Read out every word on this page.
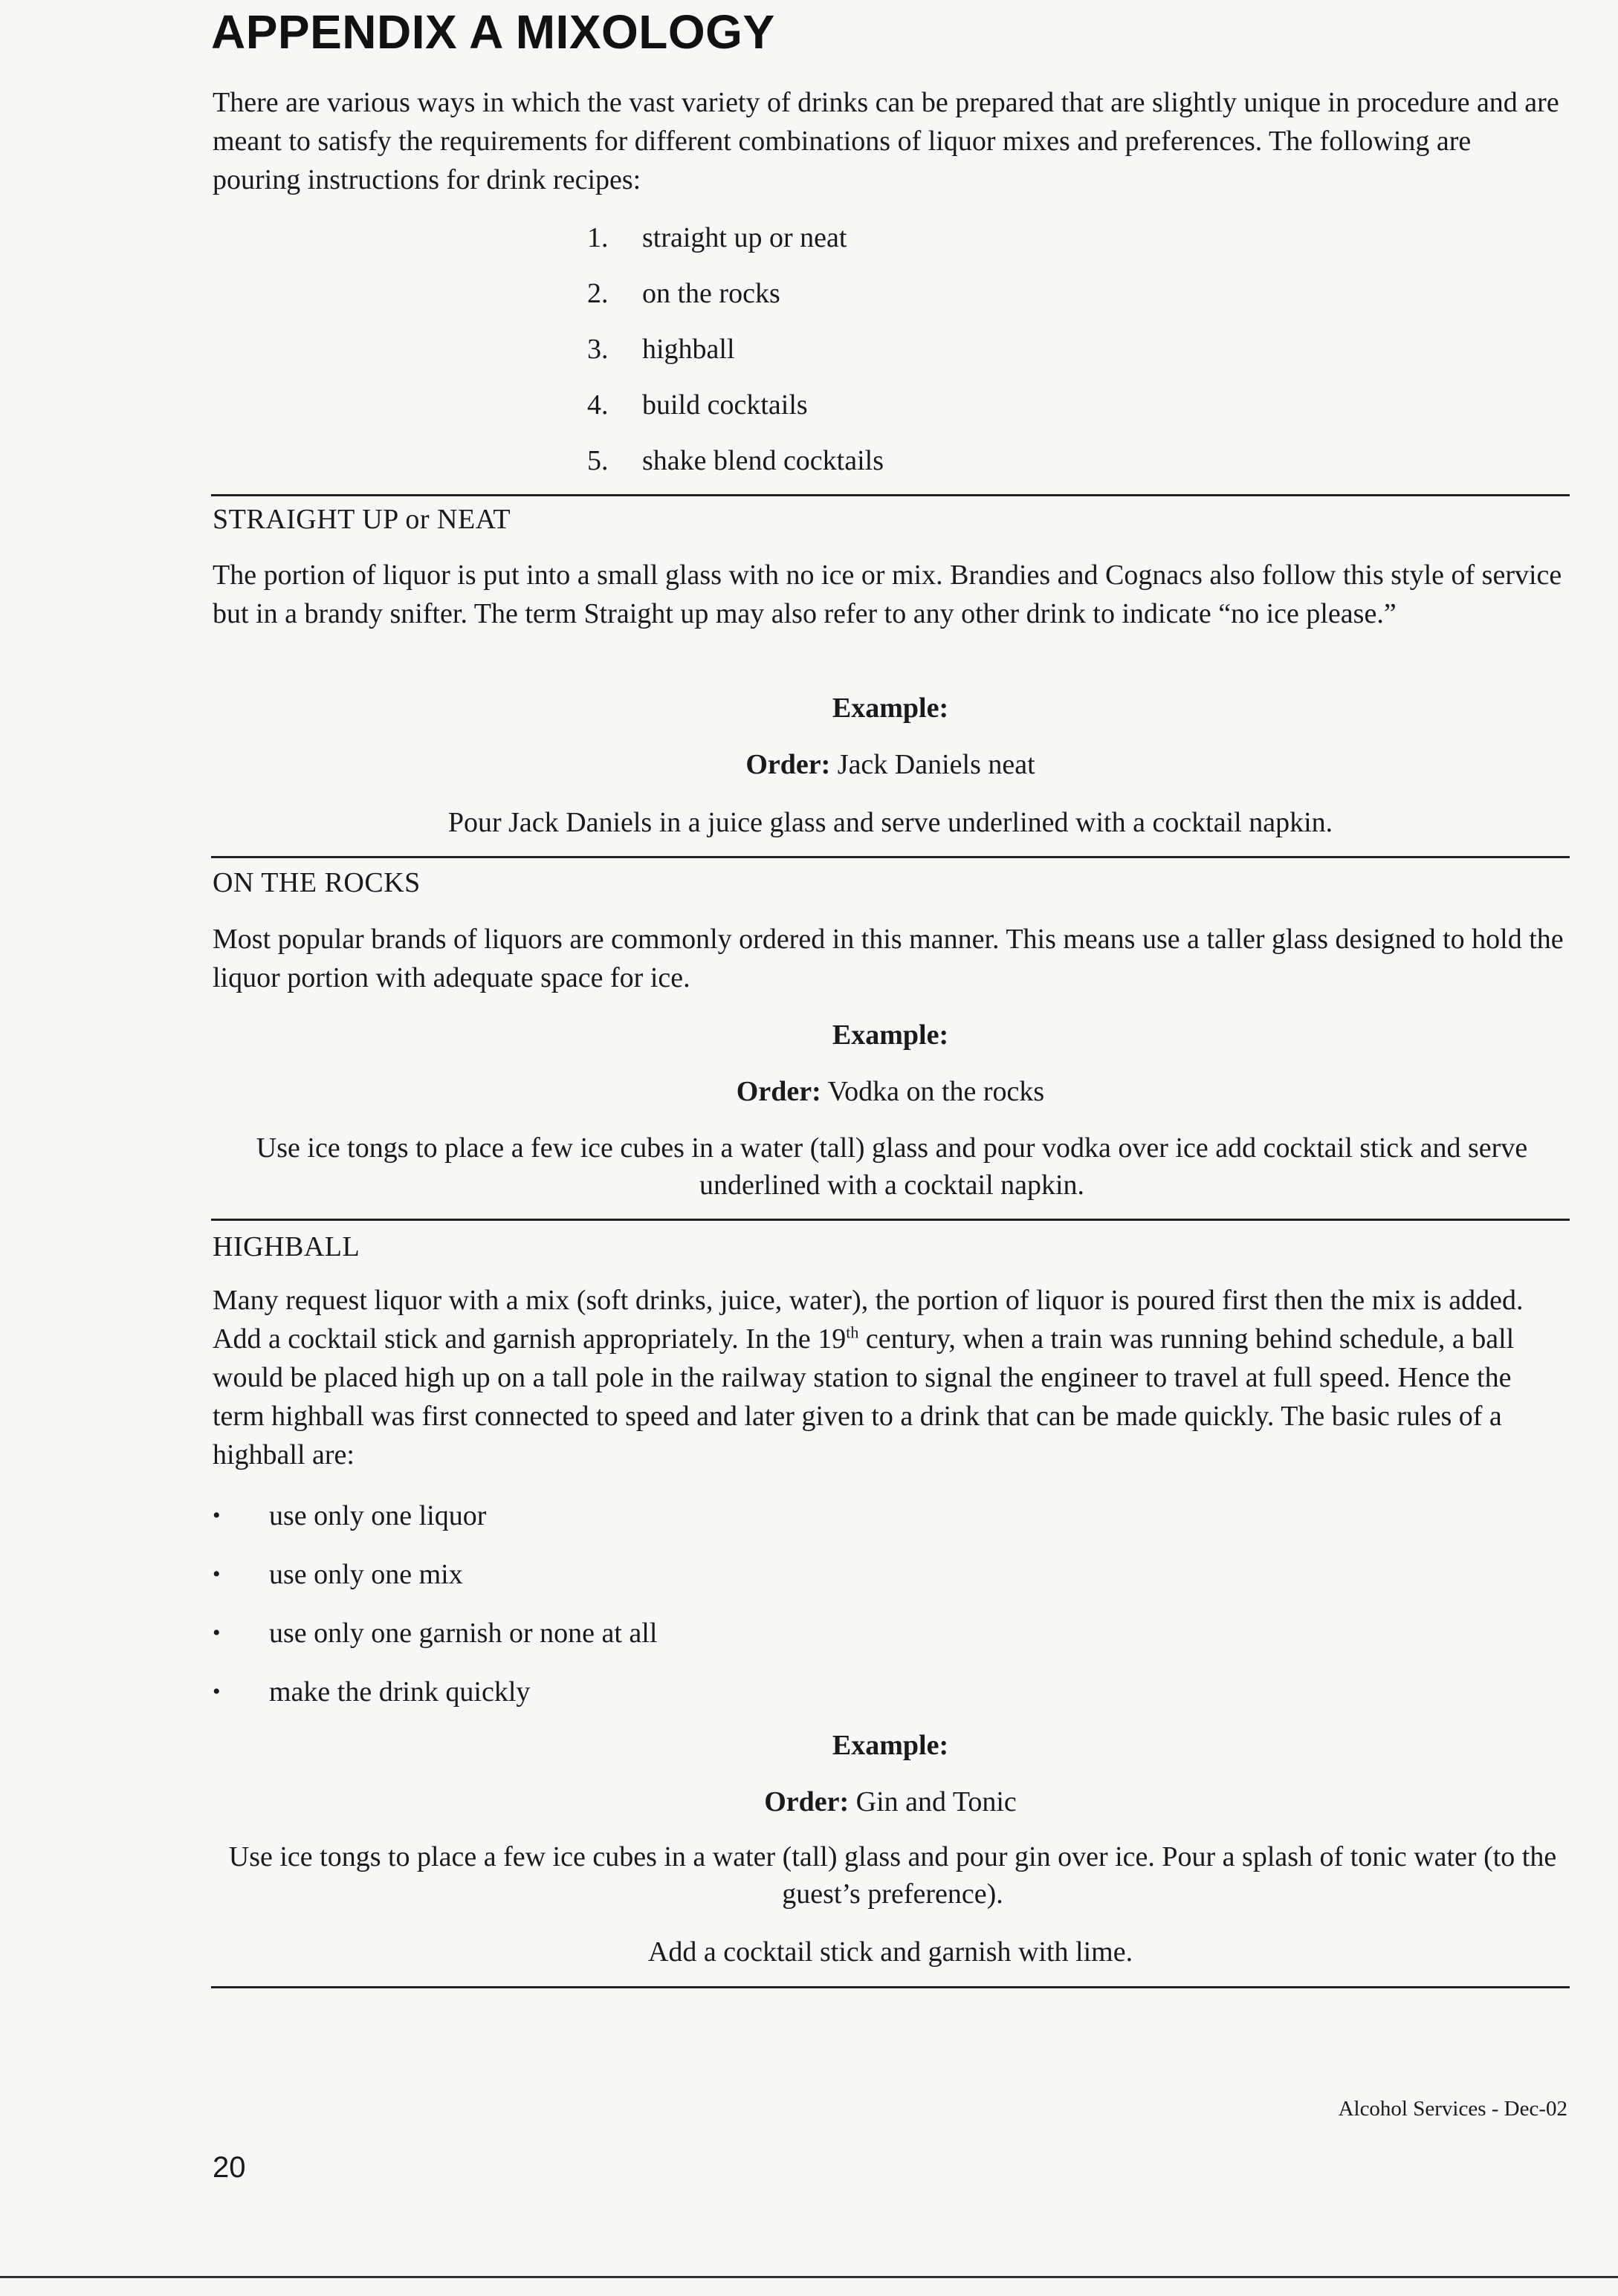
APPENDIX A MIXOLOGY
There are various ways in which the vast variety of drinks can be prepared that are slightly unique in procedure and are meant to satisfy the requirements for different combinations of liquor mixes and preferences. The following are pouring instructions for drink recipes:
1.	straight up or neat
2.	on the rocks
3.	highball
4.	build cocktails
5.	shake blend cocktails
STRAIGHT UP or NEAT
The portion of liquor is put into a small glass with no ice or mix. Brandies and Cognacs also follow this style of service but in a brandy snifter. The term Straight up may also refer to any other drink to indicate “no ice please.”
Example:
Order: Jack Daniels neat
Pour Jack Daniels in a juice glass and serve underlined with a cocktail napkin.
ON THE ROCKS
Most popular brands of liquors are commonly ordered in this manner. This means use a taller glass designed to hold the liquor portion with adequate space for ice.
Example:
Order: Vodka on the rocks
Use ice tongs to place a few ice cubes in a water (tall) glass and pour vodka over ice add cocktail stick and serve underlined with a cocktail napkin.
HIGHBALL
Many request liquor with a mix (soft drinks, juice, water), the portion of liquor is poured first then the mix is added. Add a cocktail stick and garnish appropriately. In the 19th century, when a train was running behind schedule, a ball would be placed high up on a tall pole in the railway station to signal the engineer to travel at full speed. Hence the term highball was first connected to speed and later given to a drink that can be made quickly. The basic rules of a highball are:
•	use only one liquor
•	use only one mix
•	use only one garnish or none at all
•	make the drink quickly
Example:
Order: Gin and Tonic
Use ice tongs to place a few ice cubes in a water (tall) glass and pour gin over ice. Pour a splash of tonic water (to the guest’s preference).
Add a cocktail stick and garnish with lime.
Alcohol Services - Dec-02
20
